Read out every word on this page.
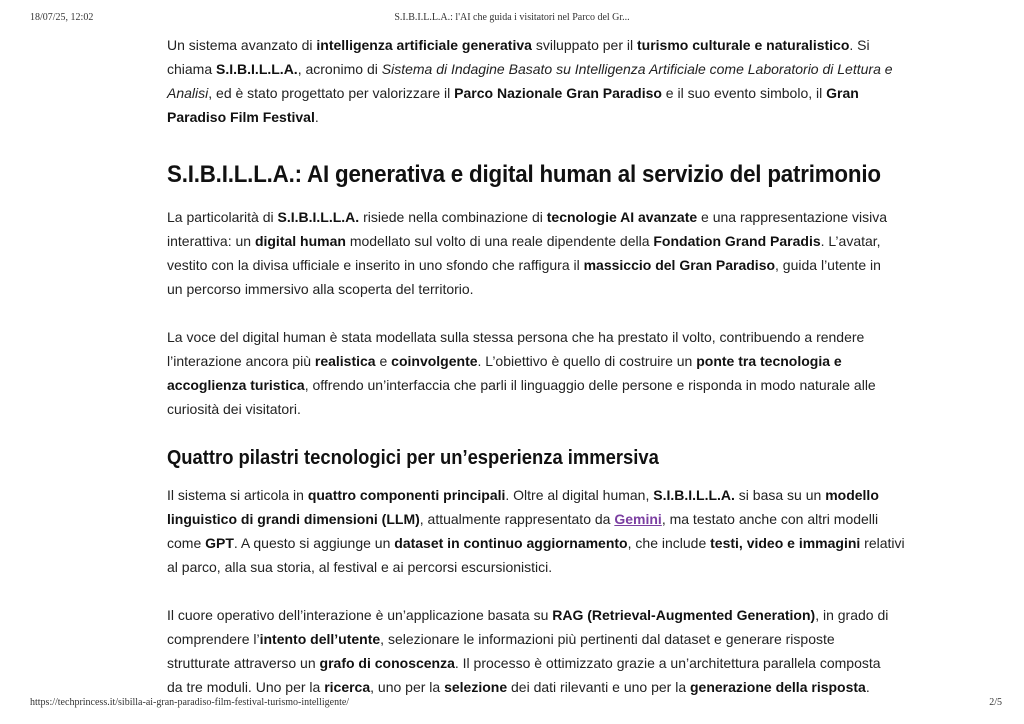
18/07/25, 12:02	S.I.B.I.L.L.A.: l'AI che guida i visitatori nel Parco del Gr...

Un sistema avanzato di intelligenza artificiale generativa sviluppato per il turismo culturale e naturalistico. Si
chiama S.I.B.I.L.L.A., acronimo di Sistema di Indagine Basato su Intelligenza Artificiale come Laboratorio di Lettura e
Analisi, ed è stato progettato per valorizzare il Parco Nazionale Gran Paradiso e il suo evento simbolo, il Gran
Paradiso Film Festival.

S.I.B.I.L.L.A.: AI generativa e digital human al servizio del patrimonio

La particolarità di S.I.B.I.L.L.A. risiede nella combinazione di tecnologie AI avanzate e una rappresentazione visiva
interattiva: un digital human modellato sul volto di una reale dipendente della Fondation Grand Paradis. L’avatar,
vestito con la divisa ufficiale e inserito in uno sfondo che raffigura il massiccio del Gran Paradiso, guida l’utente in
un percorso immersivo alla scoperta del territorio.

La voce del digital human è stata modellata sulla stessa persona che ha prestato il volto, contribuendo a rendere
l’interazione ancora più realistica e coinvolgente. L’obiettivo è quello di costruire un ponte tra tecnologia e
accoglienza turistica, offrendo un’interfaccia che parli il linguaggio delle persone e risponda in modo naturale alle
curiosità dei visitatori.

Quattro pilastri tecnologici per un’esperienza immersiva

Il sistema si articola in quattro componenti principali. Oltre al digital human, S.I.B.I.L.L.A. si basa su un modello
linguistico di grandi dimensioni (LLM), attualmente rappresentato da Gemini, ma testato anche con altri modelli
come GPT. A questo si aggiunge un dataset in continuo aggiornamento, che include testi, video e immagini relativi
al parco, alla sua storia, al festival e ai percorsi escursionistici.

Il cuore operativo dell’interazione è un’applicazione basata su RAG (Retrieval-Augmented Generation), in grado di
comprendere l’intento dell’utente, selezionare le informazioni più pertinenti dal dataset e generare risposte
strutturate attraverso un grafo di conoscenza. Il processo è ottimizzato grazie a un’architettura parallela composta
da tre moduli. Uno per la ricerca, uno per la selezione dei dati rilevanti e uno per la generazione della risposta.

https://techprincess.it/sibilla-ai-gran-paradiso-film-festival-turismo-intelligente/	2/5
